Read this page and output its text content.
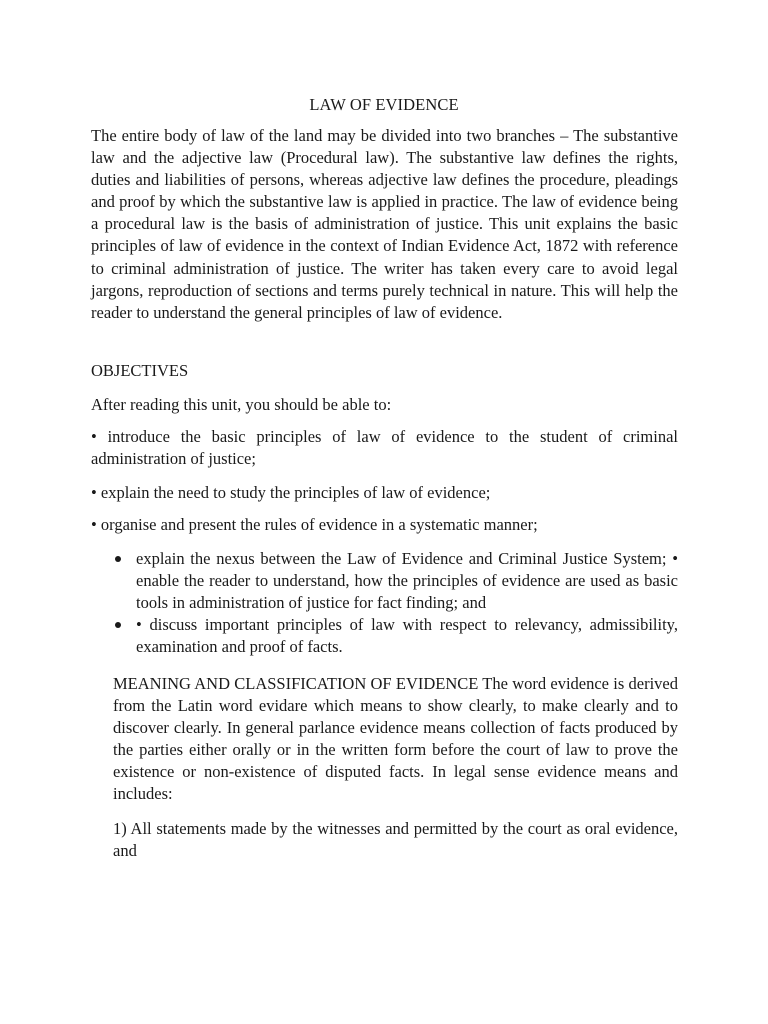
LAW OF EVIDENCE

The entire body of law of the land may be divided into two branches – The substantive law and the adjective law (Procedural law). The substantive law defines the rights, duties and liabilities of persons, whereas adjective law defines the procedure, pleadings and proof by which the substantive law is applied in practice. The law of evidence being a procedural law is the basis of administration of justice. This unit explains the basic principles of law of evidence in the context of Indian Evidence Act, 1872 with reference to criminal administration of justice. The writer has taken every care to avoid legal jargons, reproduction of sections and terms purely technical in nature. This will help the reader to understand the general principles of law of evidence.

OBJECTIVES

After reading this unit, you should be able to:

• introduce the basic principles of law of evidence to the student of criminal administration of justice;

• explain the need to study the principles of law of evidence;

• organise and present the rules of evidence in a systematic manner;

explain the nexus between the Law of Evidence and Criminal Justice System; • enable the reader to understand, how the principles of evidence are used as basic tools in administration of justice for fact finding; and
• discuss important principles of law with respect to relevancy, admissibility, examination and proof of facts.

MEANING AND CLASSIFICATION OF EVIDENCE The word evidence is derived from the Latin word evidare which means to show clearly, to make clearly and to discover clearly. In general parlance evidence means collection of facts produced by the parties either orally or in the written form before the court of law to prove the existence or non-existence of disputed facts. In legal sense evidence means and includes:

1) All statements made by the witnesses and permitted by the court as oral evidence, and
